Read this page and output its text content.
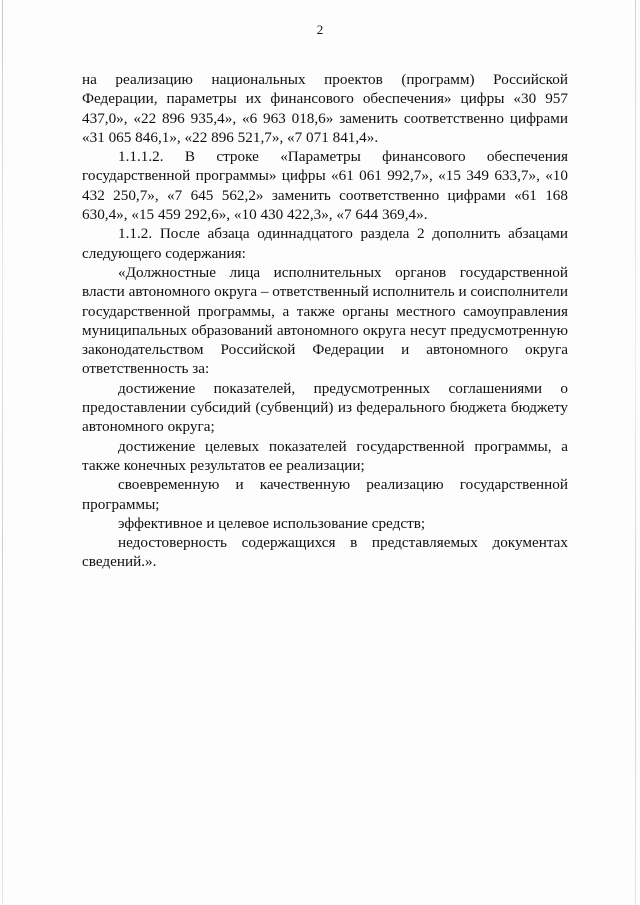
2

на реализацию национальных проектов (программ) Российской Федерации, параметры их финансового обеспечения» цифры «30 957 437,0», «22 896 935,4», «6 963 018,6» заменить соответственно цифрами «31 065 846,1», «22 896 521,7», «7 071 841,4».

1.1.1.2. В строке «Параметры финансового обеспечения государственной программы» цифры «61 061 992,7», «15 349 633,7», «10 432 250,7», «7 645 562,2» заменить соответственно цифрами «61 168 630,4», «15 459 292,6», «10 430 422,3», «7 644 369,4».

1.1.2. После абзаца одиннадцатого раздела 2 дополнить абзацами следующего содержания:

«Должностные лица исполнительных органов государственной власти автономного округа – ответственный исполнитель и соисполнители государственной программы, а также органы местного самоуправления муниципальных образований автономного округа несут предусмотренную законодательством Российской Федерации и автономного округа ответственность за:

достижение показателей, предусмотренных соглашениями о предоставлении субсидий (субвенций) из федерального бюджета бюджету автономного округа;

достижение целевых показателей государственной программы, а также конечных результатов ее реализации;

своевременную и качественную реализацию государственной программы;

эффективное и целевое использование средств;

недостоверность содержащихся в представляемых документах сведений.».
